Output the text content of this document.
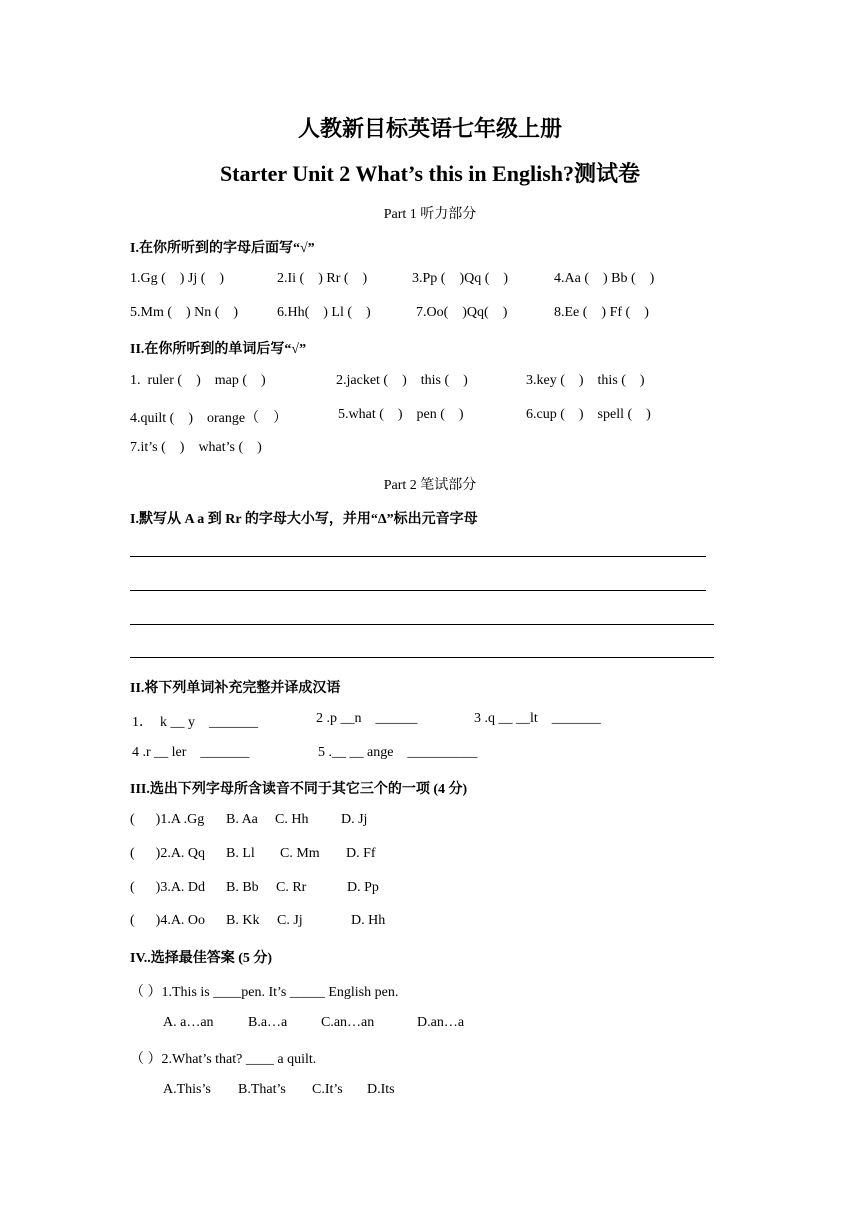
人教新目标英语七年级上册
Starter Unit 2 What’s this in English?测试卷
Part 1 听力部分
I.在你所听到的字母后面写“√”
1.Gg (    ) Jj (    )	2.Ii (    ) Rr (    )	3.Pp (    )Qq (    )	4.Aa (    ) Bb (    )
5.Mm (    ) Nn (    )	6.Hh(    ) Ll (    )	7.Oo(    )Qq(    )	8.Ee (    ) Ff (    )
II.在你所听到的单词后写“√”
1.  ruler (    )    map (    )	2.jacket (    )    this (    )	3.key (    )    this (    )
4.quilt (    )    orange（    ）	5.what (    )    pen (    )	6.cup (    )    spell (    )
7.it’s (    )    what’s (    )
Part 2 笔试部分
I.默写从 A a 到 Rr 的字母大小写，并用“Δ”标出元音字母
II.将下列单词补充完整并译成汉语
1．  k __ y    _______	2 .p __n    ______	3 .q __ __lt    _______
4 .r __ ler    _______	5 .__ __ ange    __________
III.选出下列字母所含读音不同于其它三个的一项 (4 分)
(      )1.A .Gg B. Aa C. Hh D. Jj
(      )2.A. Qq B. Ll C. Mm D. Ff
(      )3.A. Dd B. Bb C. Rr	D. Pp
(      )4.A. Oo B. Kk C. Jj	D. Hh
IV..选择最佳答案 (5 分)
（ ）1.This is ____pen. It’s _____ English pen.
A. a…an B.a…a C.an…an	D.an…a
（ ）2.What’s that? ____ a quilt.
A.This’s B.That’s C.It’s D.Its
